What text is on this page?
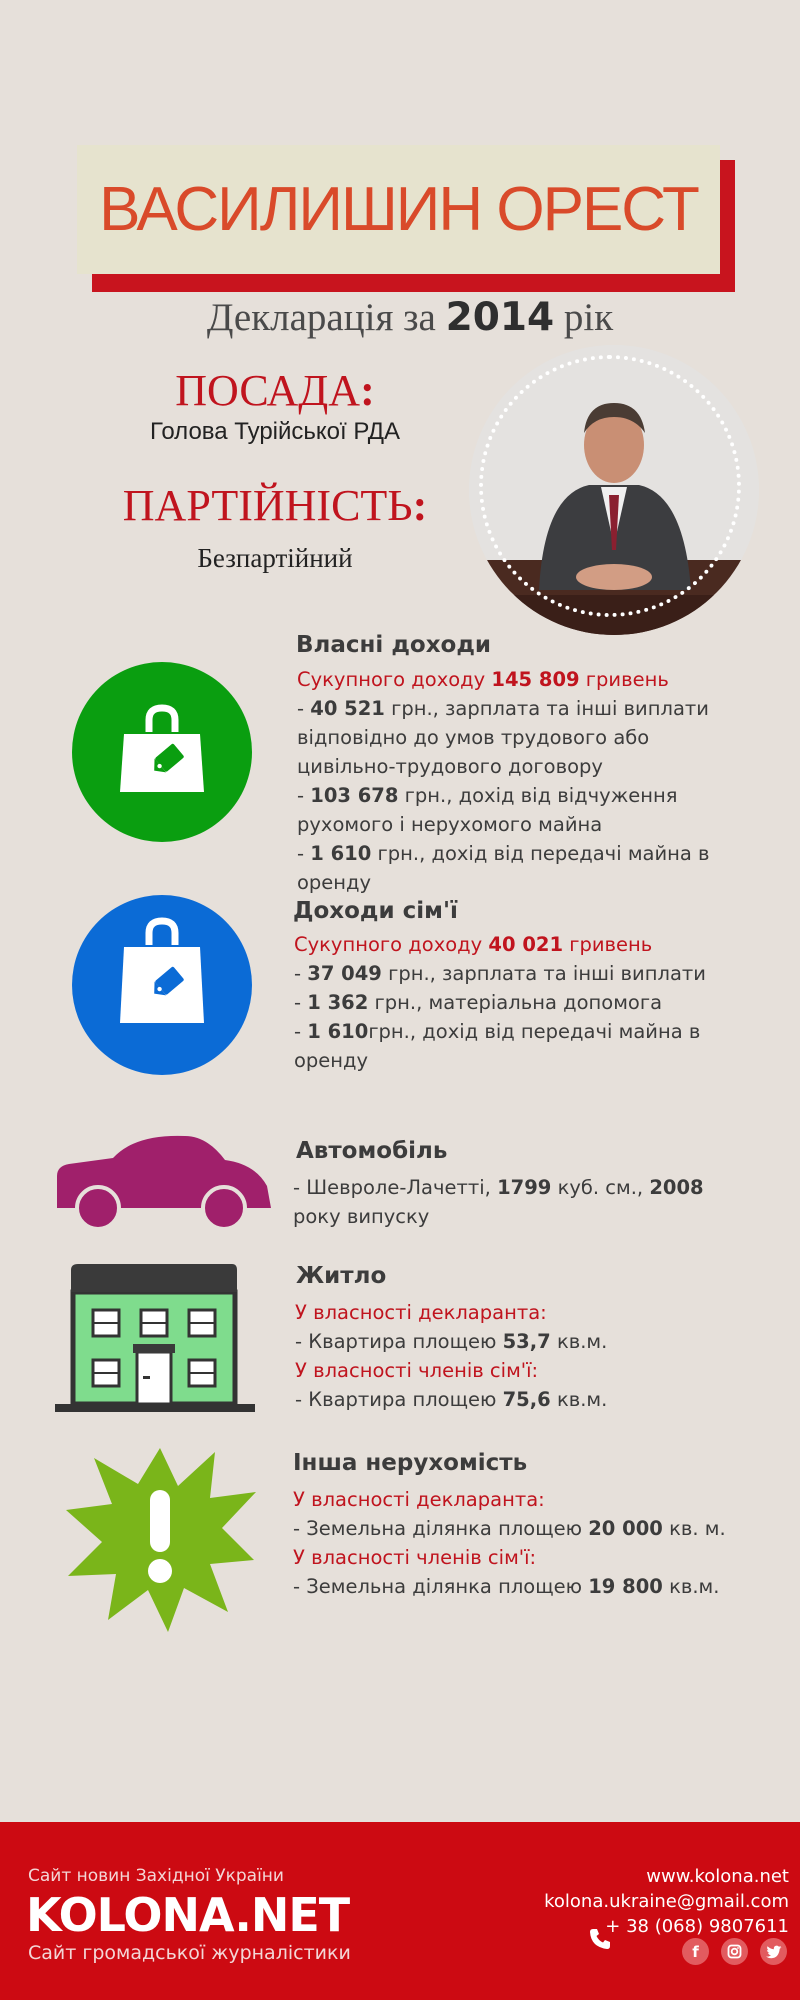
ВАСИЛИШИН ОРЕСТ
Декларація за 2014 рік
ПОСАДА:
Голова Турійської РДА
ПАРТІЙНІСТЬ:
Безпартійний
Власні доходи
Сукупного доходу 145 809 гривень
- 40 521 грн., зарплата та інші виплати
відповідно до умов трудового або
цивільно-трудового договору
- 103 678 грн., дохід від відчуження
рухомого і нерухомого майна
- 1 610 грн., дохід від передачі майна в
оренду
Доходи сім'ї
Сукупного доходу 40 021 гривень
- 37 049 грн., зарплата та інші виплати
- 1 362 грн., матеріальна допомога
- 1 610грн., дохід від передачі майна в
оренду
Автомобіль
- Шевроле-Лачетті, 1799 куб. см., 2008
року випуску
Житло
У власності декларанта:
- Квартира площею 53,7 кв.м.
У власності членів сім'ї:
- Квартира площею 75,6 кв.м.
Інша нерухомість
У власності декларанта:
- Земельна ділянка площею 20 000 кв. м.
У власності членів сім'ї:
- Земельна ділянка площею 19 800 кв.м.
Сайт новин Західної України
KOLONA.NET
Сайт громадської журналістики
www.kolona.net
kolona.ukraine@gmail.com
+ 38 (068) 9807611
f
